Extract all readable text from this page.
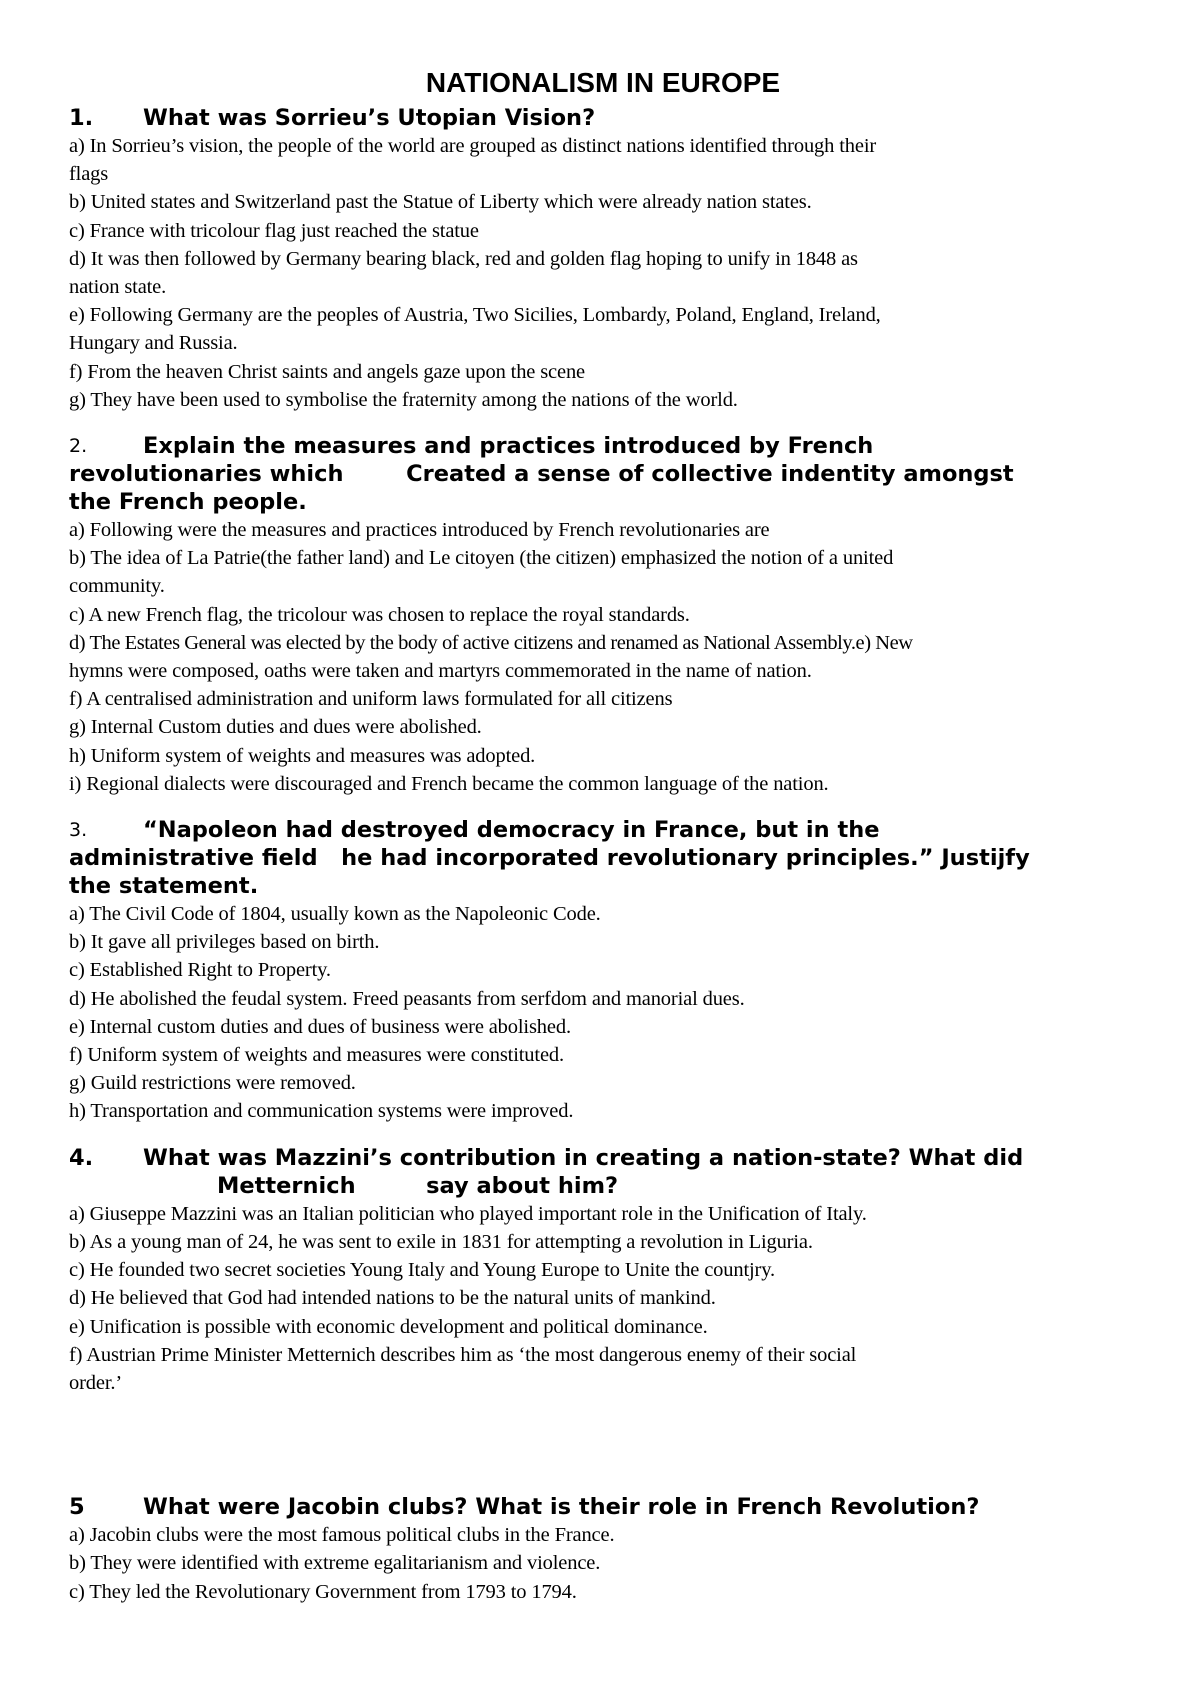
NATIONALISM IN EUROPE
1.	What was Sorrieu’s Utopian Vision?
a) In Sorrieu’s vision, the people of the world are grouped as distinct nations identified through their
flags
b) United states and Switzerland past the Statue of Liberty which were already nation states.
c) France with tricolour flag just reached the statue
d) It was then followed by Germany bearing black, red and golden flag hoping to unify in 1848 as
nation state.
e) Following Germany are the peoples of Austria, Two Sicilies, Lombardy, Poland, England, Ireland,
Hungary and Russia.
f) From the heaven Christ saints and angels gaze upon the scene
g) They have been used to symbolise the fraternity among the nations of the world.
2.	Explain the measures and practices introduced by French
revolutionaries which        Created a sense of collective indentity amongst
the French people.
a) Following were the measures and practices introduced by French revolutionaries are
b) The idea of La Patrie(the father land) and Le citoyen (the citizen) emphasized the notion of a united
community.
c) A new French flag, the tricolour was chosen to replace the royal standards.
d) The Estates General was elected by the body of active citizens and renamed as National Assembly.e) New
hymns were composed, oaths were taken and martyrs commemorated in the name of nation.
f) A centralised administration and uniform laws formulated for all citizens
g) Internal Custom duties and dues were abolished.
h) Uniform system of weights and measures was adopted.
i) Regional dialects were discouraged and French became the common language of the nation.
3.	“Napoleon had destroyed democracy in France, but in the
administrative field   he had incorporated revolutionary principles.” Justijfy
the statement.
a) The Civil Code of 1804, usually kown as the Napoleonic Code.
b) It gave all privileges based on birth.
c) Established Right to Property.
d) He abolished the feudal system. Freed peasants from serfdom and manorial dues.
e) Internal custom duties and dues of business were abolished.
f) Uniform system of weights and measures were constituted.
g) Guild restrictions were removed.
h) Transportation and communication systems were improved.
4.	What was Mazzini’s contribution in creating a nation-state? What did
Metternich         say about him?
a) Giuseppe Mazzini was an Italian politician who played important role in the Unification of Italy.
b) As a young man of 24, he was sent to exile in 1831 for attempting a revolution in Liguria.
c) He founded two secret societies Young Italy and Young Europe to Unite the countjry.
d) He believed that God had intended nations to be the natural units of mankind.
e) Unification is possible with economic development and political dominance.
f) Austrian Prime Minister Metternich describes him as ‘the most dangerous enemy of their social
order.’
5	What were Jacobin clubs? What is their role in French Revolution?
a) Jacobin clubs were the most famous political clubs in the France.
b) They were identified with extreme egalitarianism and violence.
c) They led the Revolutionary Government from 1793 to 1794.
